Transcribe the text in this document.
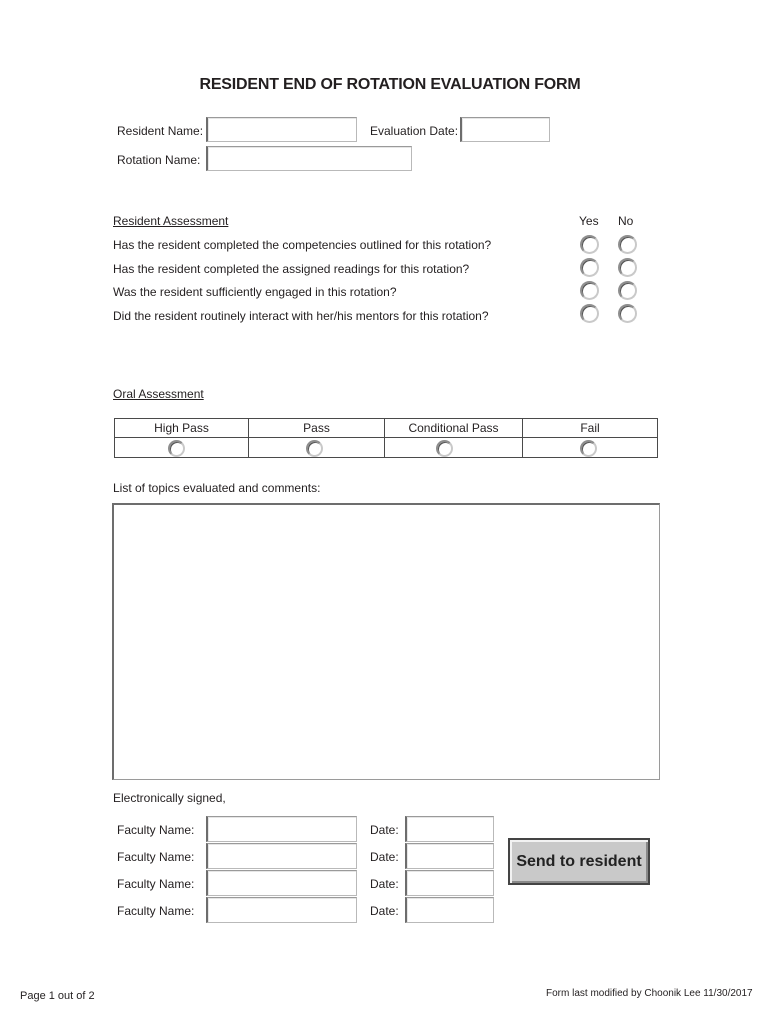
RESIDENT END OF ROTATION EVALUATION FORM
Resident Name:	Evaluation Date:
Rotation Name:
Resident Assessment	Yes No
Has the resident completed the competencies outlined for this rotation?
Has the resident completed the assigned readings for this rotation?
Was the resident sufficiently engaged in this rotation?
Did the resident routinely interact with her/his mentors for this rotation?
Oral Assessment
High Pass	Pass	Conditional Pass	Fail

List of topics evaluated and comments:
Electronically signed,
Faculty Name:	Date:
Faculty Name:	Date:
Faculty Name:	Date:
Faculty Name:	Date:
Send to resident
Page 1 out of 2	Form last modified by Choonik Lee 11/30/2017
